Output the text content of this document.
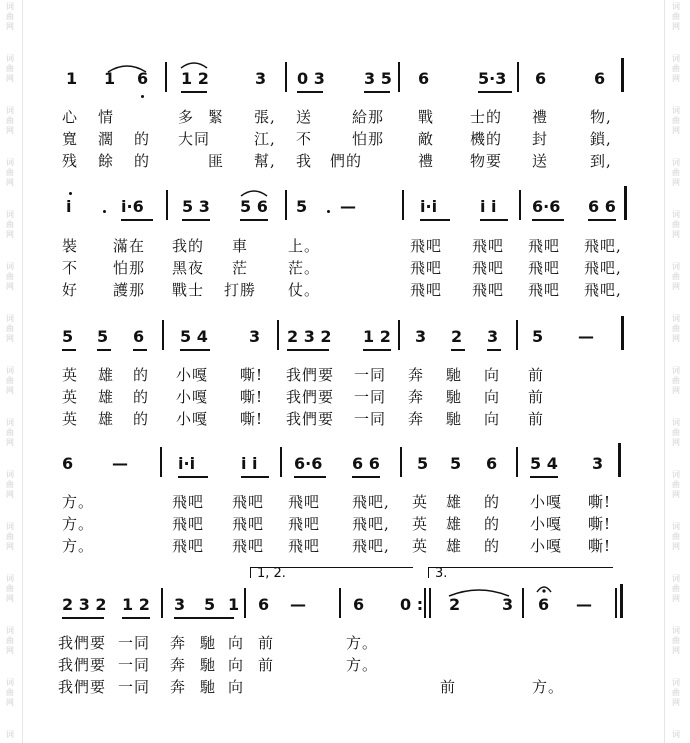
词
曲
网
词
曲
网
词
曲
网
词
曲
网
词
曲
网
词
曲
网
词
曲
网
词
曲
网
词
曲
网
词
曲
网
词
曲
网
词
曲
网
词
曲
网
词
曲
网
词
词
曲
网
词
曲
网
词
曲
网
词
曲
网
词
曲
网
词
曲
网
词
曲
网
词
曲
网
词
曲
网
词
曲
网
词
曲
网
词
曲
网
词
曲
网
词
曲
网
词
1 1 6 1 2	3 0 3 3 5 6	5·3 6	6
心 情	多 緊 張, 送	給那 戰 士的 禮	物,
寬 濶 的 大同	江, 不	怕那 敵 機的 封	鎖,
残 餘 的	匪 幫, 我 們的	禮 物要 送	到,
i	i·6 5 3 5 6 5 —	i·i	i i 6·6 6 6
裝 滿在 我的 車	上。	飛吧 飛吧 飛吧 飛吧,
不 怕那 黑夜 茫	茫。	飛吧 飛吧 飛吧 飛吧,
好 護那 戰士 打勝 仗。	飛吧 飛吧 飛吧 飛吧,
5 5 6 5 4	3 2 3 2 1 2 3 2 3 5 —
英 雄 的 小嘎 嘶! 我們要 一同 奔 馳 向 前
英 雄 的 小嘎 嘶! 我們要 一同 奔 馳 向 前
英 雄 的 小嘎 嘶! 我們要 一同 奔 馳 向 前
6 —	i·i	i i 6·6 6 6 5 5 6 5 4 3
方。	飛吧 飛吧 飛吧 飛吧, 英 雄 的 小嘎 嘶!
方。	飛吧 飛吧 飛吧 飛吧, 英 雄 的 小嘎 嘶!
方。	飛吧 飛吧 飛吧 飛吧, 英 雄 的 小嘎 嘶!
1, 2.	3.
2 3 2 1 2 3 5 1 6 —	6 0 : 2	3 6 —
我們要 一同 奔 馳 向 前	方。
我們要 一同 奔 馳 向 前	方。
我們要 一同 奔 馳 向	前	方。
